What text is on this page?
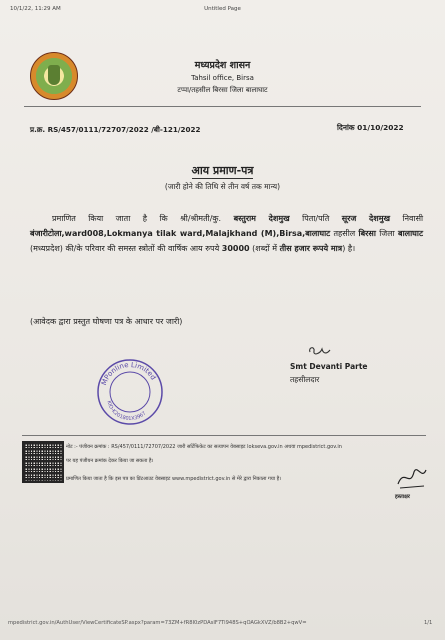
10/1/22, 11:29 AM	Untitled Page
मध्यप्रदेश शासन
Tahsil office, Birsa
टप्पा/तहसील बिरसा जिला बालाघाट
प्र.क्र. RS/457/0111/72707/2022 /बी-121/2022	दिनांक 01/10/2022
आय प्रमाण-पत्र
(जारी होने की तिथि से तीन वर्ष तक मान्य)
प्रमाणित किया जाता है कि श्री/श्रीमती/कु. बस्तुराम देशमुख पिता/पति सूरज देशमुख निवासी बंजारीटोला,ward008,Lokmanya tilak ward,Malajkhand (M),Birsa,बालाघाट तहसील बिरसा जिला बालाघाट (मध्यप्रदेश) की/के परिवार की समस्त स्त्रोतों की वार्षिक आय रुपये 30000 (शब्दों में तीस हजार रूपये मात्र) है।
(आवेदक द्वारा प्रस्तुत घोषणा पत्र के आधार पर जारी)
Smt Devanti Parte
तहसीलदार
MPonline Limited
KIO-K201801X3967
नोट :- पंजीयन क्रमांक : RS/457/0111/72707/2022 जारी सर्टिफिकेट का सत्यापन वेबसाइट lokseva.gov.in अथवा mpedistrict.gov.in
पर यह पंजीयन क्रमांक देकर किया जा सकता है।
प्रमाणित किया जाता है कि इस पत्र का प्रिंटआउट वेबसाइट www.mpedistrict.gov.in से मेरे द्वारा निकाला गया है।
हस्ताक्षर
mpedistrict.gov.in/AuthUser/ViewCertificateSP.aspx?param=73ZM+fR8I0zPDAsIF7Ti948S+qOAGkXVZ/b8B2+qwV=	1/1
